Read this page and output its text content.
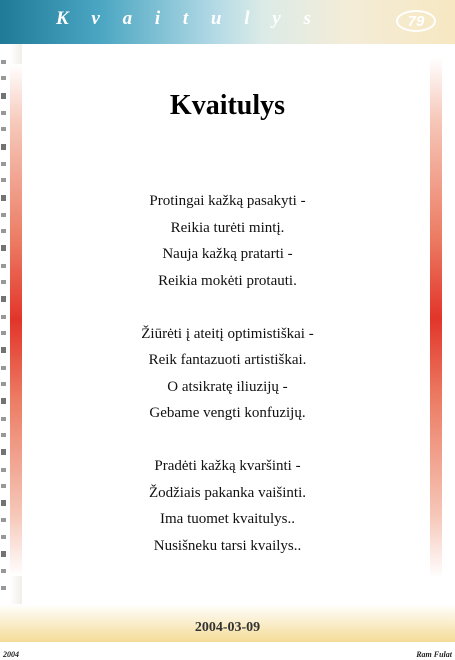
K v a i t u l y s	79
Kvaitulys
Protingai kažką pasakyti -
Reikia turėti mintį.
Nauja kažką pratarti -
Reikia mokėti protauti.
Žiūrėti į ateitį optimistiškai -
Reik fantazuoti artistiškai.
O atsikratę iliuzijų -
Gebame vengti konfuzijų.
Pradėti kažką kvaršinti -
Žodžiais pakanka vaišinti.
Ima tuomet kvaitulys..
Nusišneku tarsi kvailys..
2004-03-09
2004	Ram Fulat
